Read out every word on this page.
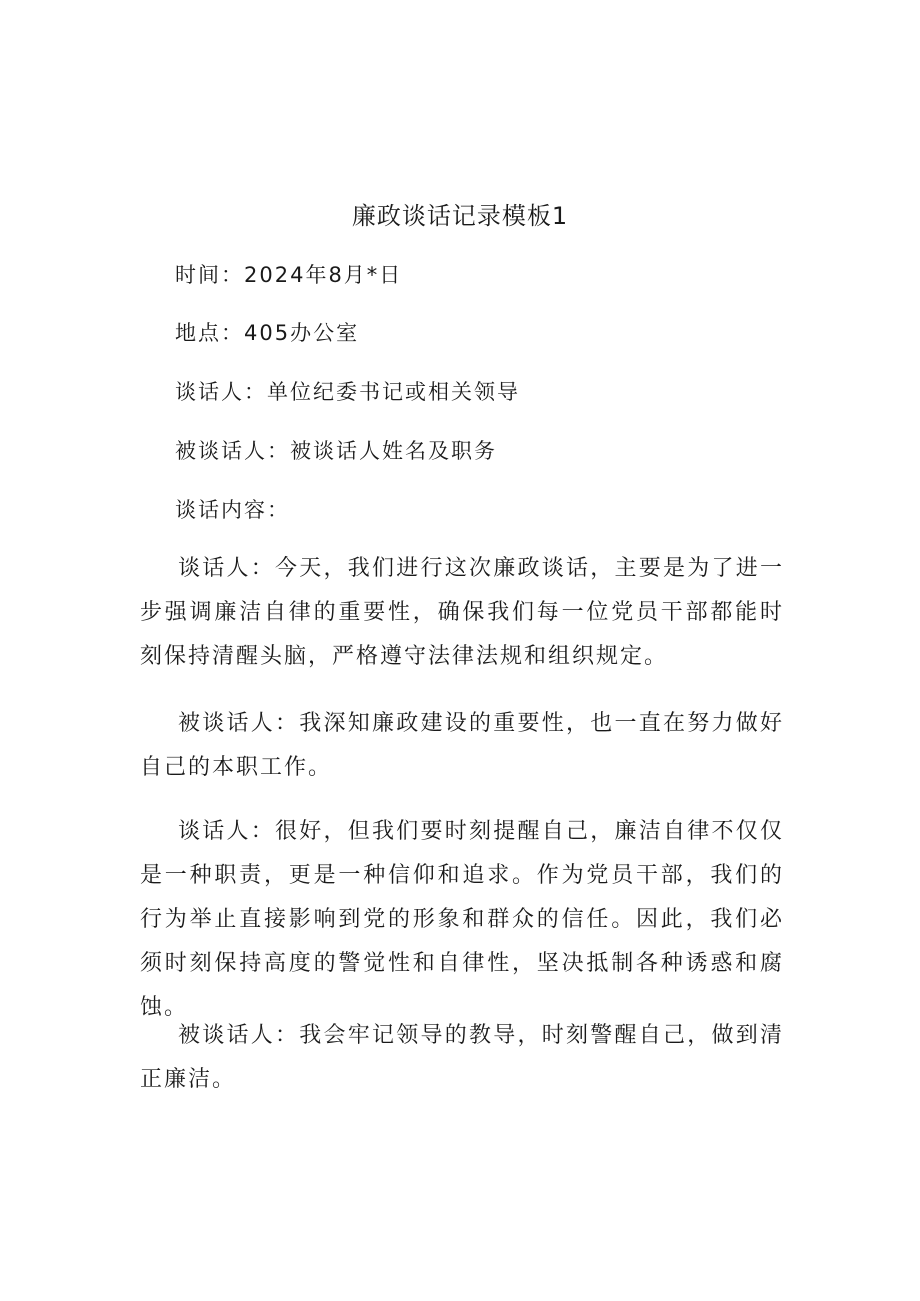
廉政谈话记录模板1
时间：2024年8月*日
地点：405办公室
谈话人：单位纪委书记或相关领导
被谈话人：被谈话人姓名及职务
谈话内容：

谈话人：今天，我们进行这次廉政谈话，主要是为了进一步强调廉洁自律的重要性，确保我们每一位党员干部都能时刻保持清醒头脑，严格遵守法律法规和组织规定。

被谈话人：我深知廉政建设的重要性，也一直在努力做好自己的本职工作。

谈话人：很好，但我们要时刻提醒自己，廉洁自律不仅仅是一种职责，更是一种信仰和追求。作为党员干部，我们的行为举止直接影响到党的形象和群众的信任。因此，我们必须时刻保持高度的警觉性和自律性，坚决抵制各种诱惑和腐蚀。

被谈话人：我会牢记领导的教导，时刻警醒自己，做到清正廉洁。
